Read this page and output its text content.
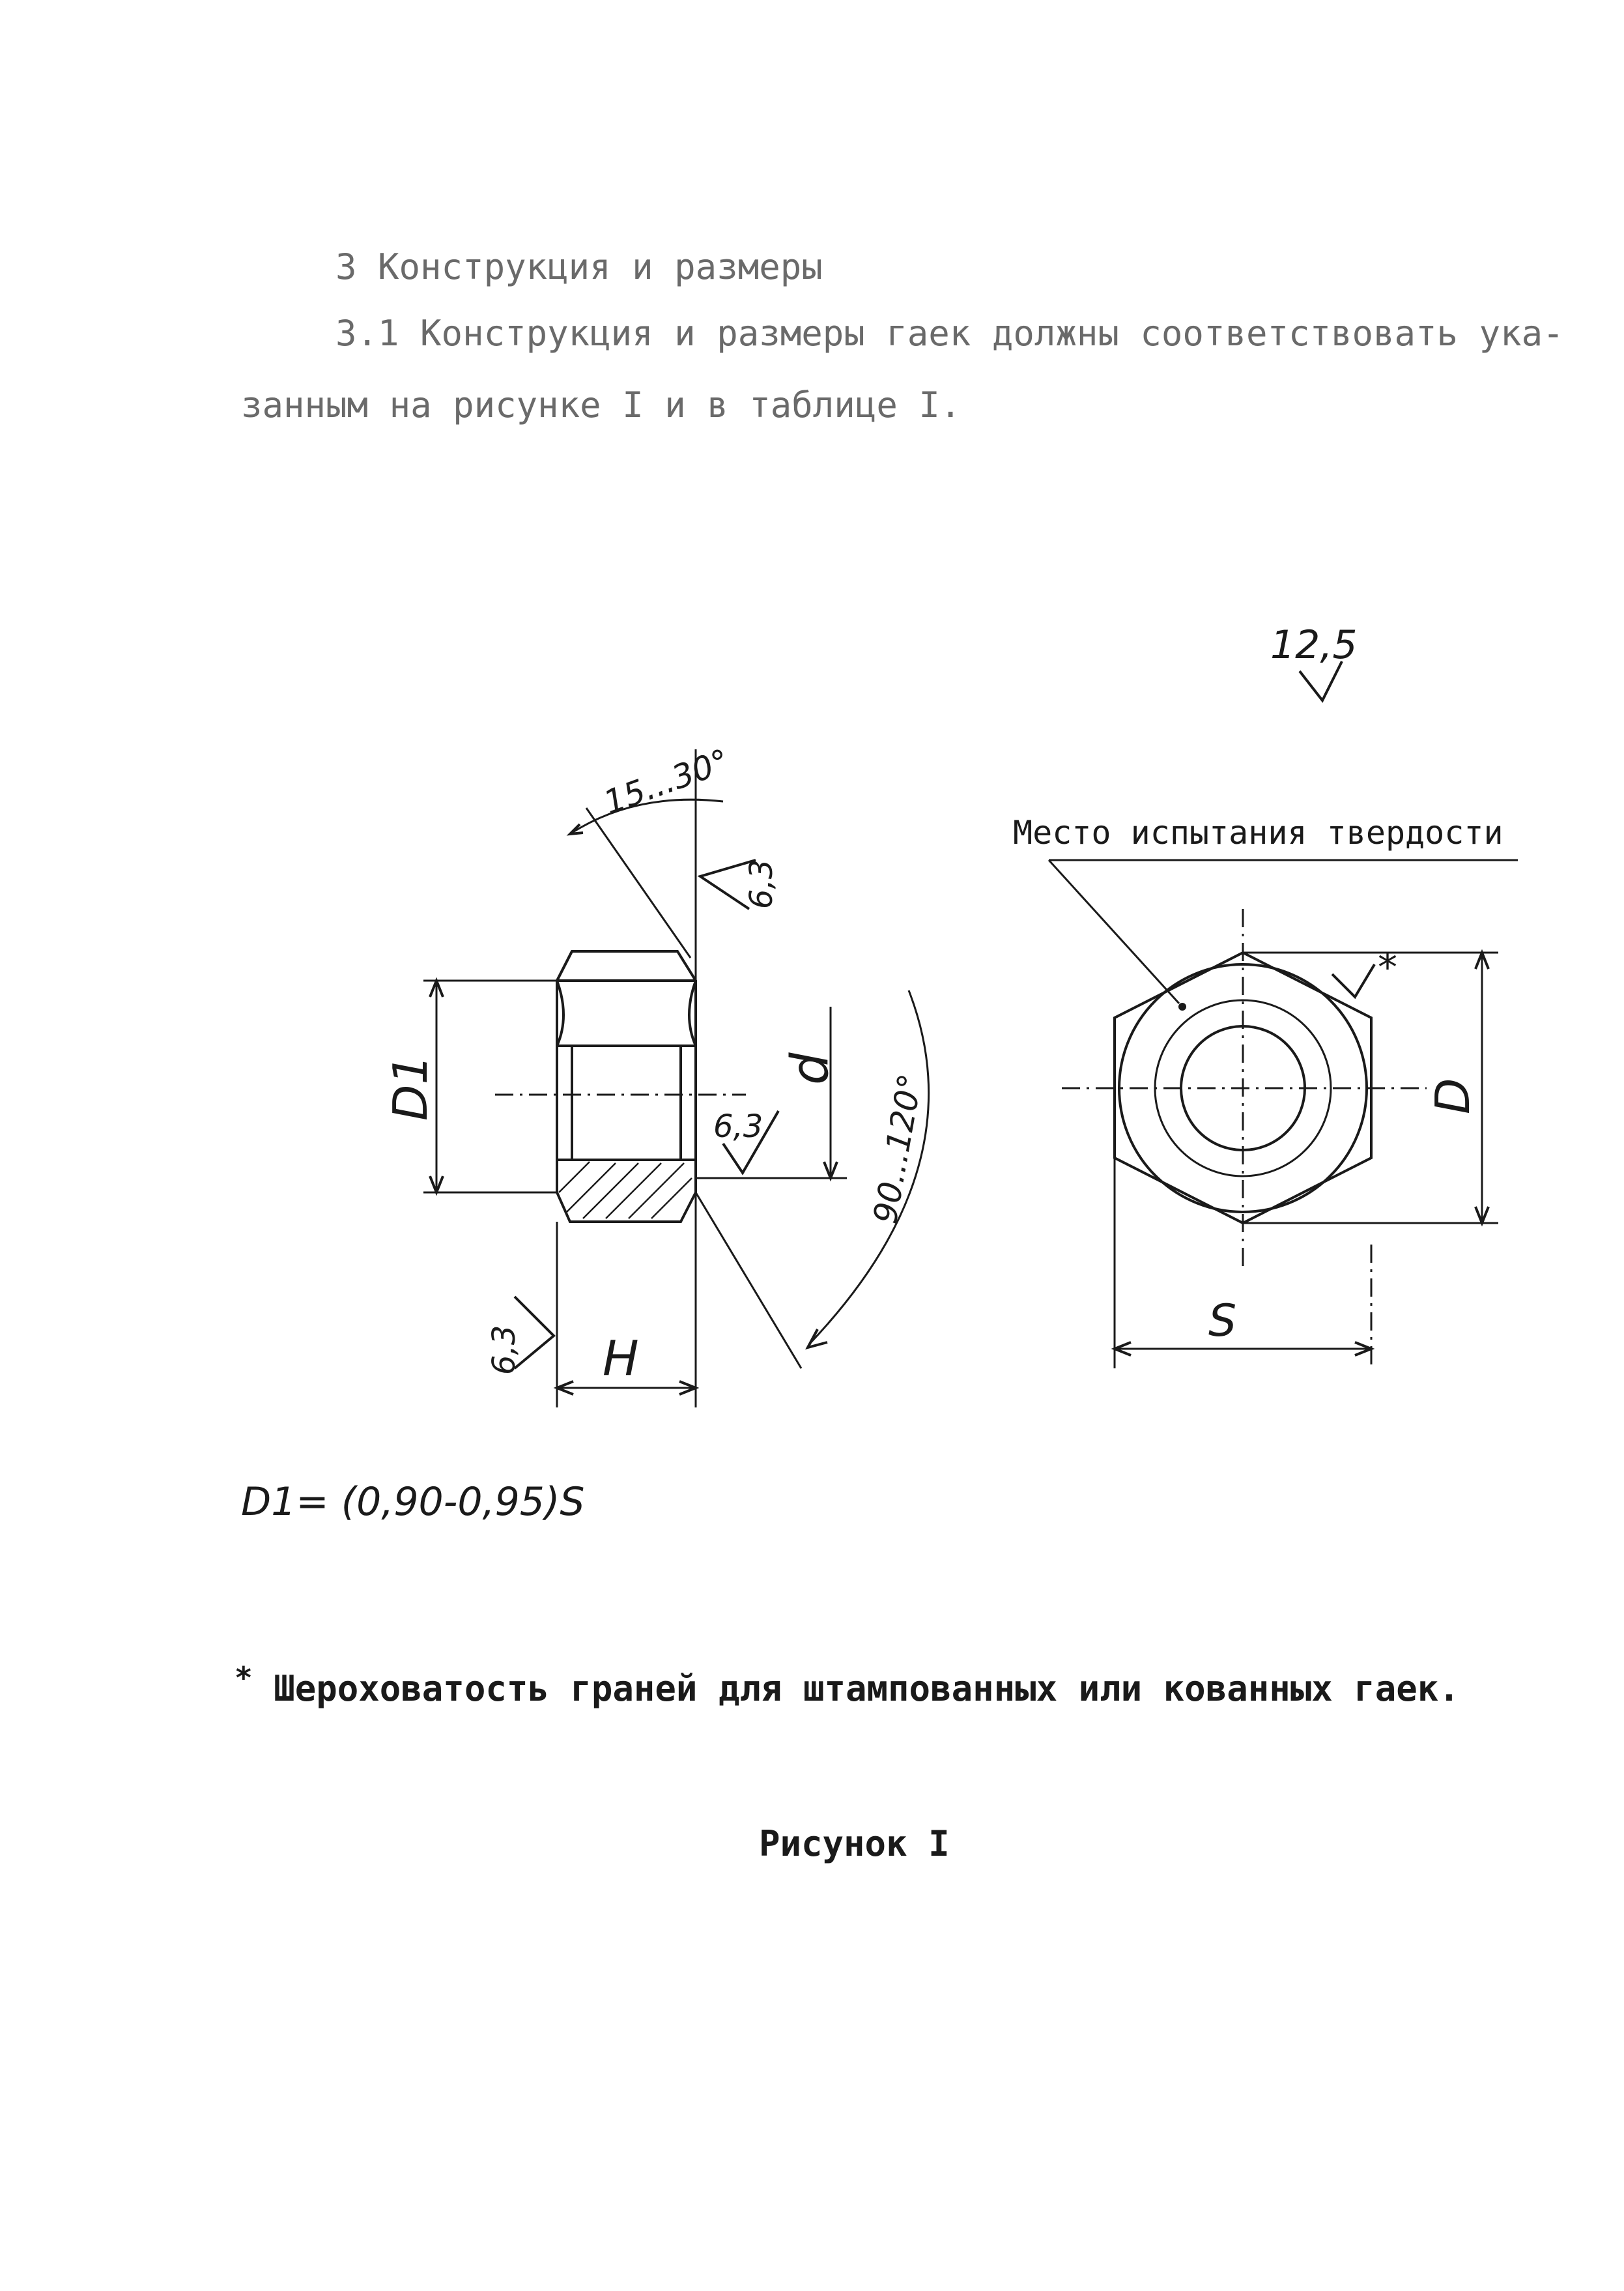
3 Конструкция и размеры

3.1 Конструкция и размеры гаек должны соответствовать ука-

занным на рисунке I и в таблице I.

12,5
D1	d
H
15...30°
6,3
6,3
6,3
90...120°
Место испытания твердости
*
D
S

D1= (0,90-0,95)S

* Шероховатость граней для штампованных или кованных гаек.

Рисунок I
